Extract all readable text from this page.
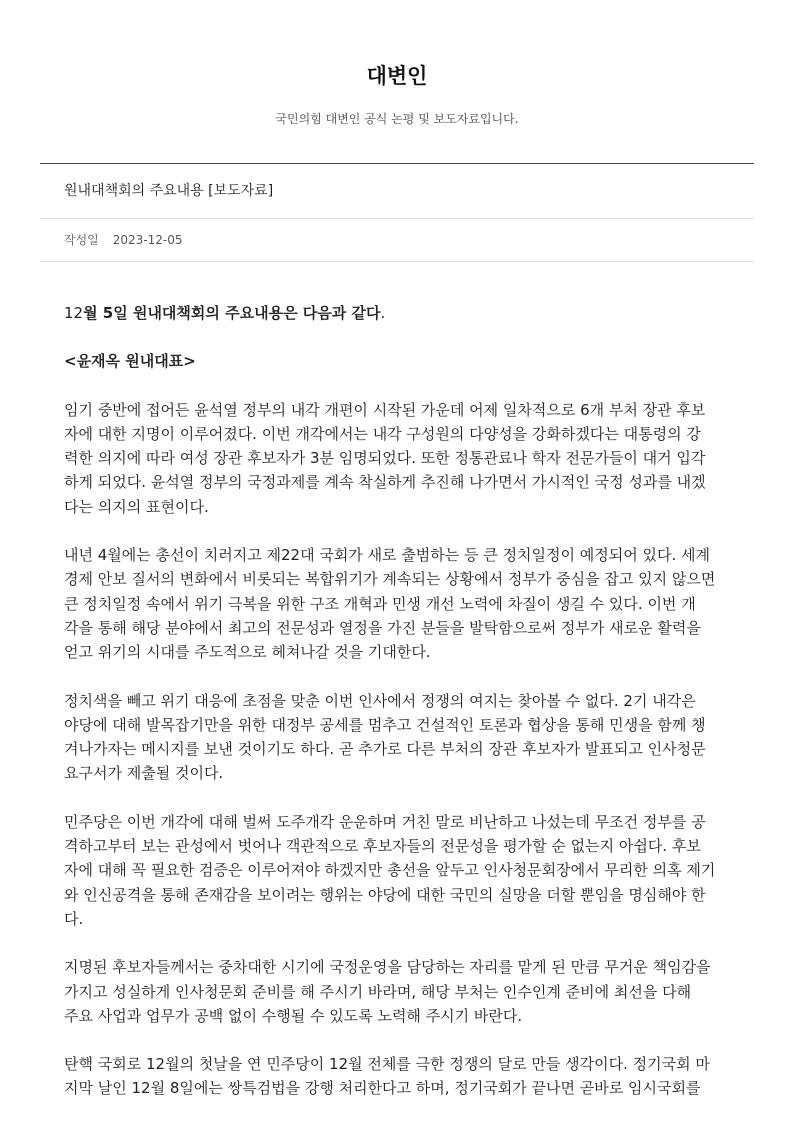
대변인
국민의힘 대변인 공식 논평 및 보도자료입니다.
원내대책회의 주요내용 [보도자료]
작성일 2023-12-05

12월 5일 원내대책회의 주요내용은 다음과 같다.

<윤재옥 원내대표>

임기 중반에 접어든 윤석열 정부의 내각 개편이 시작된 가운데 어제 일차적으로 6개 부처 장관 후보
자에 대한 지명이 이루어졌다. 이번 개각에서는 내각 구성원의 다양성을 강화하겠다는 대통령의 강
력한 의지에 따라 여성 장관 후보자가 3분 임명되었다. 또한 정통관료나 학자 전문가들이 대거 입각
하게 되었다. 윤석열 정부의 국정과제를 계속 착실하게 추진해 나가면서 가시적인 국정 성과를 내겠
다는 의지의 표현이다.

내년 4월에는 총선이 치러지고 제22대 국회가 새로 출범하는 등 큰 정치일정이 예정되어 있다. 세계
경제 안보 질서의 변화에서 비롯되는 복합위기가 계속되는 상황에서 정부가 중심을 잡고 있지 않으면
큰 정치일정 속에서 위기 극복을 위한 구조 개혁과 민생 개선 노력에 차질이 생길 수 있다. 이번 개
각을 통해 해당 분야에서 최고의 전문성과 열정을 가진 분들을 발탁함으로써 정부가 새로운 활력을
얻고 위기의 시대를 주도적으로 헤쳐나갈 것을 기대한다.

정치색을 빼고 위기 대응에 초점을 맞춘 이번 인사에서 정쟁의 여지는 찾아볼 수 없다. 2기 내각은
야당에 대해 발목잡기만을 위한 대정부 공세를 멈추고 건설적인 토론과 협상을 통해 민생을 함께 챙
겨나가자는 메시지를 보낸 것이기도 하다. 곧 추가로 다른 부처의 장관 후보자가 발표되고 인사청문
요구서가 제출될 것이다.

민주당은 이번 개각에 대해 벌써 도주개각 운운하며 거친 말로 비난하고 나섰는데 무조건 정부를 공
격하고부터 보는 관성에서 벗어나 객관적으로 후보자들의 전문성을 평가할 순 없는지 아쉽다. 후보
자에 대해 꼭 필요한 검증은 이루어져야 하겠지만 총선을 앞두고 인사청문회장에서 무리한 의혹 제기
와 인신공격을 통해 존재감을 보이려는 행위는 야당에 대한 국민의 실망을 더할 뿐임을 명심해야 한
다.

지명된 후보자들께서는 중차대한 시기에 국정운영을 담당하는 자리를 맡게 된 만큼 무거운 책임감을
가지고 성실하게 인사청문회 준비를 해 주시기 바라며, 해당 부처는 인수인계 준비에 최선을 다해
주요 사업과 업무가 공백 없이 수행될 수 있도록 노력해 주시기 바란다.

탄핵 국회로 12월의 첫날을 연 민주당이 12월 전체를 극한 정쟁의 달로 만들 생각이다. 정기국회 마
지막 날인 12월 8일에는 쌍특검법을 강행 처리한다고 하며, 정기국회가 끝나면 곧바로 임시국회를
